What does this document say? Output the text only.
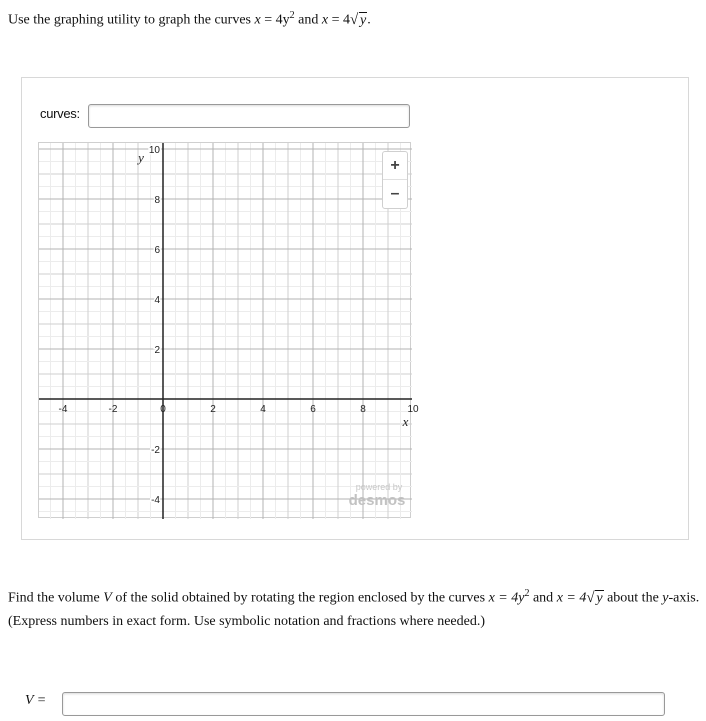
Use the graphing utility to graph the curves $x = 4y^2$ and x = 4 √ y.
curves:
-4	-2	0	2	4	6	8	10
10
8
6
4
2
-2
-4
y
x
powered by
desmos
+
–
Find the volume V of the solid obtained by rotating the region enclosed by the curves $x = 4y^2$ and x = 4 √ y about the y-axis.
(Express numbers in exact form. Use symbolic notation and fractions where needed.)
V =
